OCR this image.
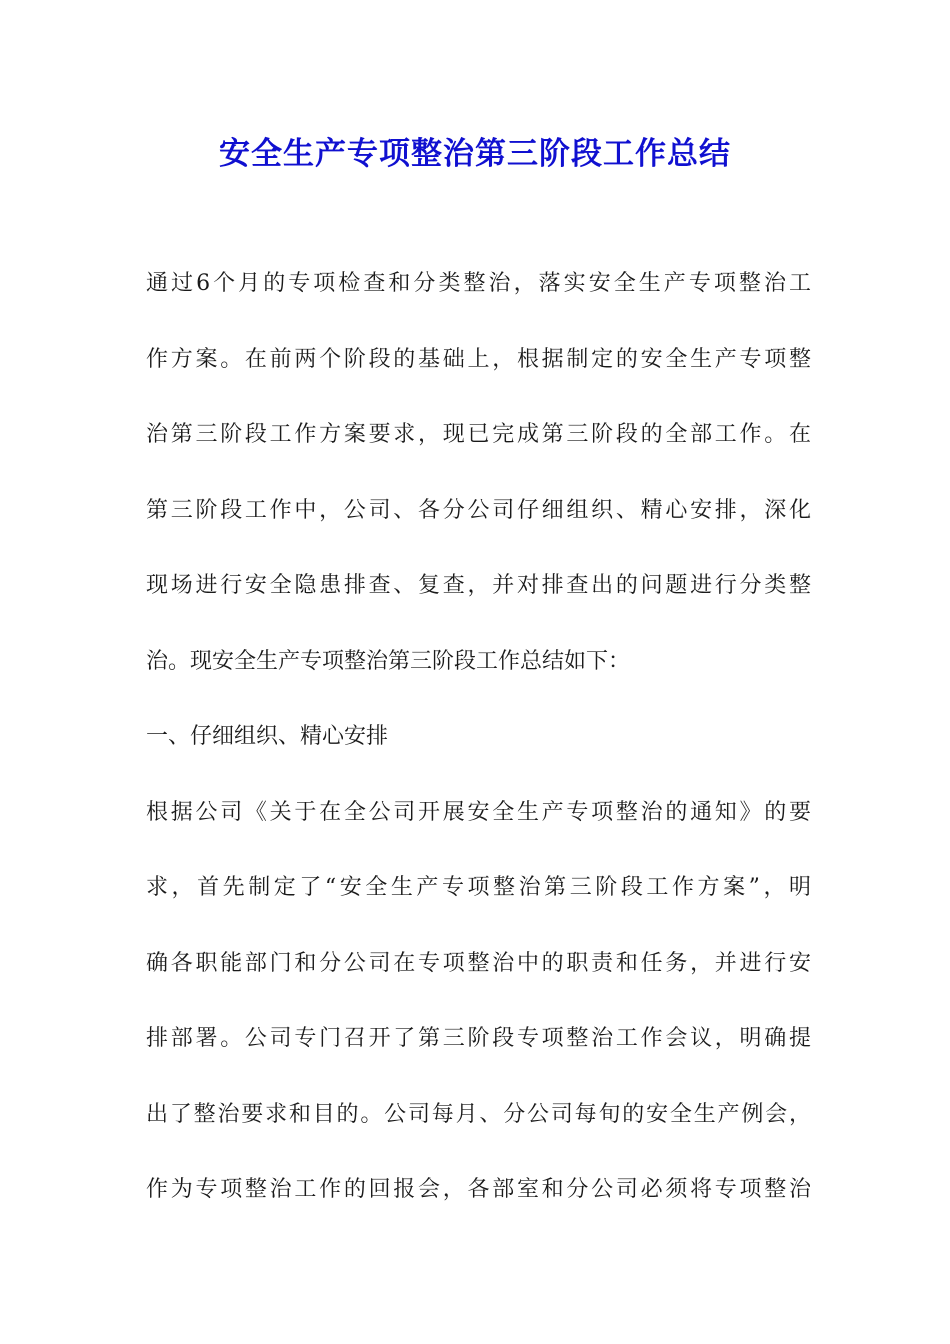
安全生产专项整治第三阶段工作总结
通过6个月的专项检查和分类整治，落实安全生产专项整治工
作方案。在前两个阶段的基础上，根据制定的安全生产专项整
治第三阶段工作方案要求，现已完成第三阶段的全部工作。在
第三阶段工作中，公司、各分公司仔细组织、精心安排，深化
现场进行安全隐患排查、复查，并对排查出的问题进行分类整
治。现安全生产专项整治第三阶段工作总结如下：
一、仔细组织、精心安排
根据公司《关于在全公司开展安全生产专项整治的通知》的要
求，首先制定了“安全生产专项整治第三阶段工作方案”，明
确各职能部门和分公司在专项整治中的职责和任务，并进行安
排部署。公司专门召开了第三阶段专项整治工作会议，明确提
出了整治要求和目的。公司每月、分公司每旬的安全生产例会，
作为专项整治工作的回报会，各部室和分公司必须将专项整治
